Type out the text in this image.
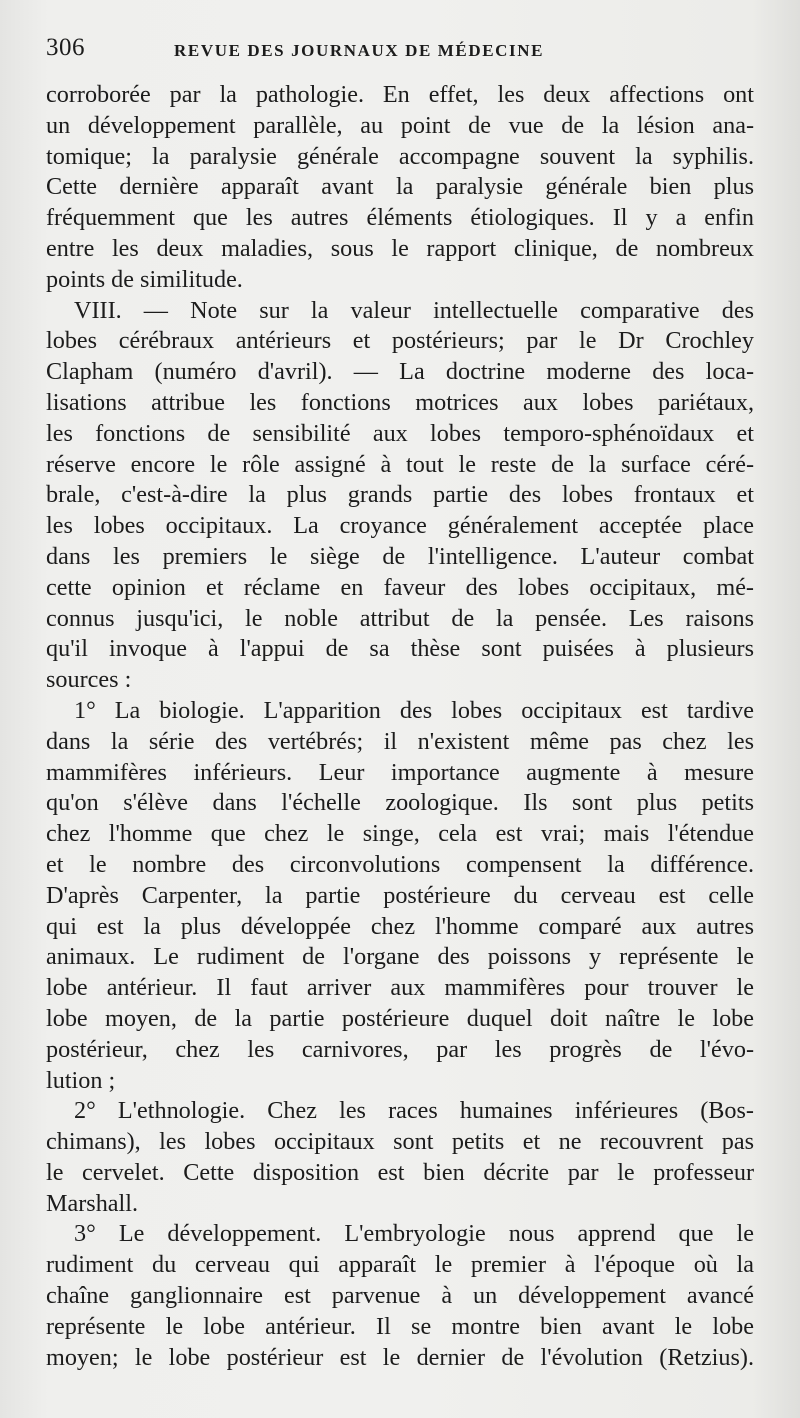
306	REVUE DES JOURNAUX DE MÉDECINE
corroborée par la pathologie. En effet, les deux affections ont
un développement parallèle, au point de vue de la lésion ana-
tomique; la paralysie générale accompagne souvent la syphilis.
Cette dernière apparaît avant la paralysie générale bien plus
fréquemment que les autres éléments étiologiques. Il y a enfin
entre les deux maladies, sous le rapport clinique, de nombreux
points de similitude.
VIII. — Note sur la valeur intellectuelle comparative des
lobes cérébraux antérieurs et postérieurs; par le Dr Crochley
Clapham (numéro d'avril). — La doctrine moderne des loca-
lisations attribue les fonctions motrices aux lobes pariétaux,
les fonctions de sensibilité aux lobes temporo-sphénoïdaux et
réserve encore le rôle assigné à tout le reste de la surface céré-
brale, c'est-à-dire la plus grands partie des lobes frontaux et
les lobes occipitaux. La croyance généralement acceptée place
dans les premiers le siège de l'intelligence. L'auteur combat
cette opinion et réclame en faveur des lobes occipitaux, mé-
connus jusqu'ici, le noble attribut de la pensée. Les raisons
qu'il invoque à l'appui de sa thèse sont puisées à plusieurs
sources :
1° La biologie. L'apparition des lobes occipitaux est tardive
dans la série des vertébrés; il n'existent même pas chez les
mammifères inférieurs. Leur importance augmente à mesure
qu'on s'élève dans l'échelle zoologique. Ils sont plus petits
chez l'homme que chez le singe, cela est vrai; mais l'étendue
et le nombre des circonvolutions compensent la différence.
D'après Carpenter, la partie postérieure du cerveau est celle
qui est la plus développée chez l'homme comparé aux autres
animaux. Le rudiment de l'organe des poissons y représente le
lobe antérieur. Il faut arriver aux mammifères pour trouver le
lobe moyen, de la partie postérieure duquel doit naître le lobe
postérieur, chez les carnivores, par les progrès de l'évo-
lution ;
2° L'ethnologie. Chez les races humaines inférieures (Bos-
chimans), les lobes occipitaux sont petits et ne recouvrent pas
le cervelet. Cette disposition est bien décrite par le professeur
Marshall.
3° Le développement. L'embryologie nous apprend que le
rudiment du cerveau qui apparaît le premier à l'époque où la
chaîne ganglionnaire est parvenue à un développement avancé
représente le lobe antérieur. Il se montre bien avant le lobe
moyen; le lobe postérieur est le dernier de l'évolution (Retzius).
